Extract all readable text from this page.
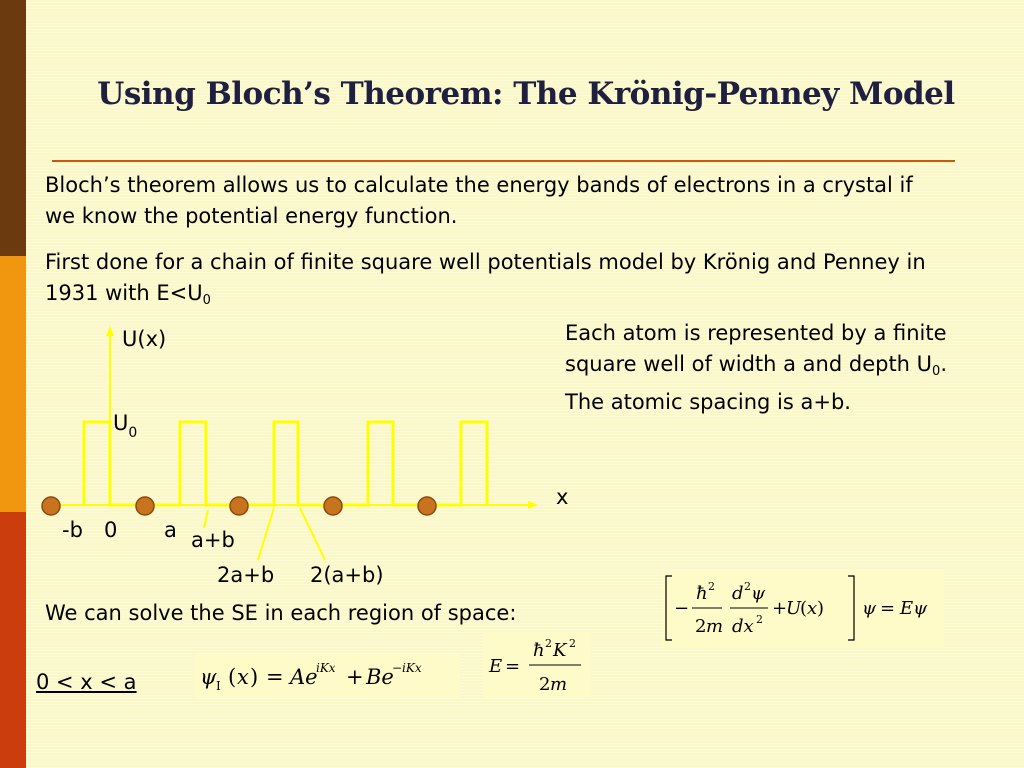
Using Bloch’s Theorem: The Krönig-Penney Model
Bloch’s theorem allows us to calculate the energy bands of electrons in a crystal if we know the potential energy function.
First done for a chain of finite square well potentials model by Krönig and Penney in 1931 with $E<U_0$
U(x)
x
$U_0$
-b 0 a a+b
2a+b 2(a+b)
Each atom is represented by a finite square well of width a and depth $U_0$. The atomic spacing is a+b.
We can solve the SE in each region of space:	−
ħ 2
2 m
d 2 ψ
dx 2
+
U
( x ) ψ = Eψ
E =
ħ 2 K 2
2 m
ψ I ( x ) = Ae
iKx + Be
−iKx
0 < x < a
